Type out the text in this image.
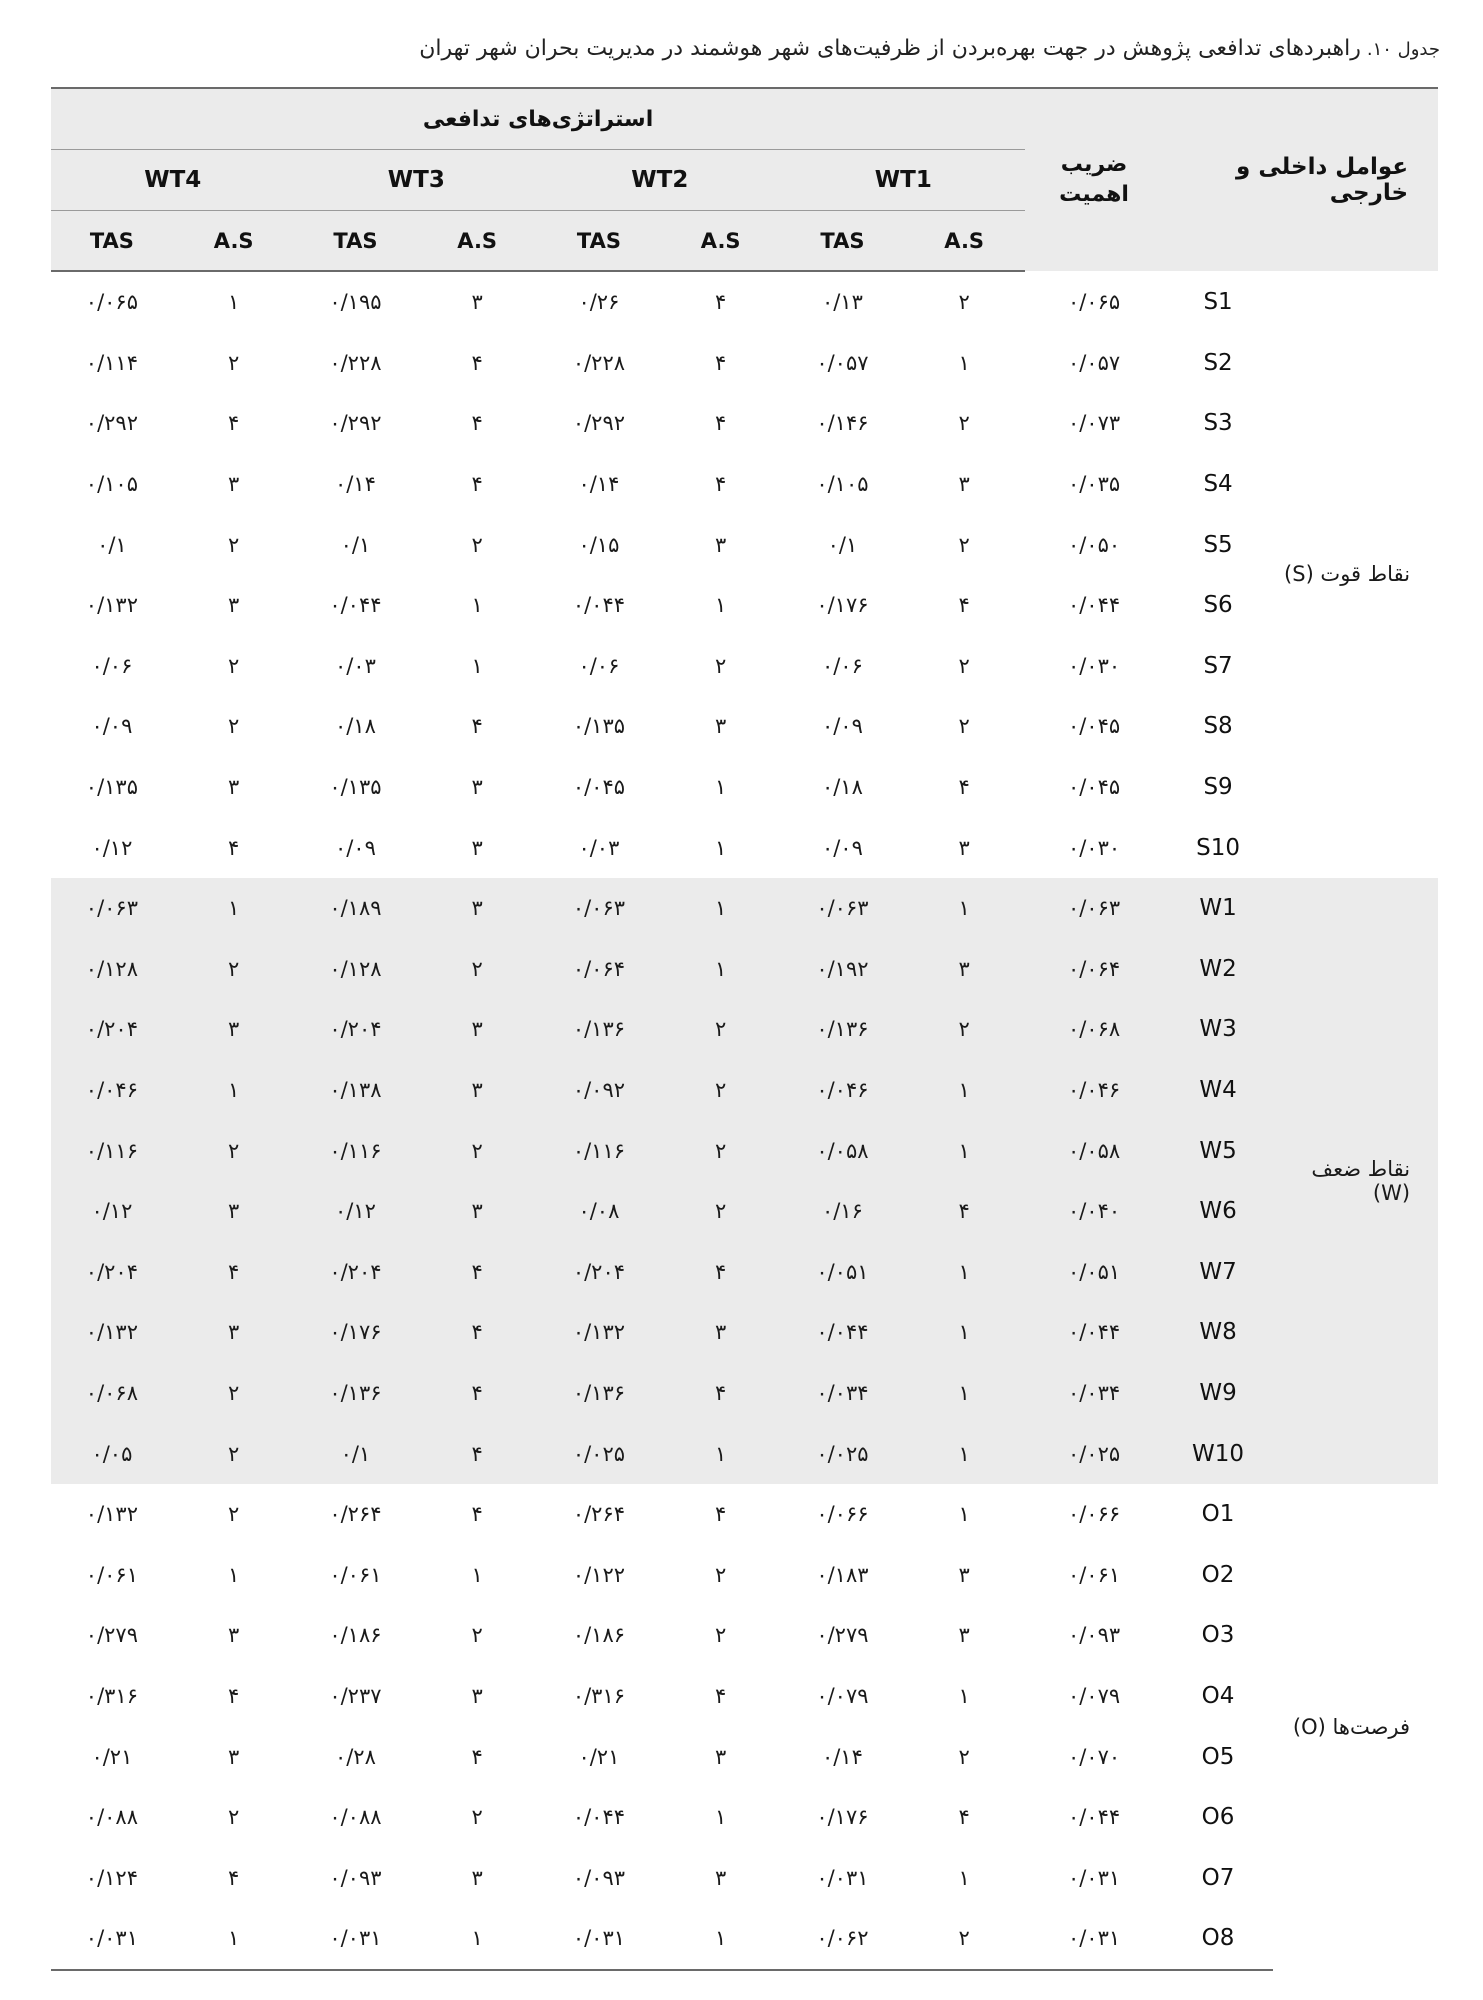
جدول ۱۰.راهبردهای تدافعی پژوهش در جهت بهره‌بردن از ظرفیت‌های شهر هوشمند در مدیریت بحران شهر تهران
عوامل داخلی و خارجی		ضریب
اهمیت	استراتژی‌های تدافعی							
			WT1		WT2		WT3		WT4	
			A.S	TAS	A.S	TAS	A.S	TAS	A.S	TAS
نقاط قوت (S)	S1	۰/۰۶۵	۲	۰/۱۳	۴	۰/۲۶	۳	۰/۱۹۵	۱	۰/۰۶۵
	S2	۰/۰۵۷	۱	۰/۰۵۷	۴	۰/۲۲۸	۴	۰/۲۲۸	۲	۰/۱۱۴
	S3	۰/۰۷۳	۲	۰/۱۴۶	۴	۰/۲۹۲	۴	۰/۲۹۲	۴	۰/۲۹۲
	S4	۰/۰۳۵	۳	۰/۱۰۵	۴	۰/۱۴	۴	۰/۱۴	۳	۰/۱۰۵
	S5	۰/۰۵۰	۲	۰/۱	۳	۰/۱۵	۲	۰/۱	۲	۰/۱
	S6	۰/۰۴۴	۴	۰/۱۷۶	۱	۰/۰۴۴	۱	۰/۰۴۴	۳	۰/۱۳۲
	S7	۰/۰۳۰	۲	۰/۰۶	۲	۰/۰۶	۱	۰/۰۳	۲	۰/۰۶
	S8	۰/۰۴۵	۲	۰/۰۹	۳	۰/۱۳۵	۴	۰/۱۸	۲	۰/۰۹
	S9	۰/۰۴۵	۴	۰/۱۸	۱	۰/۰۴۵	۳	۰/۱۳۵	۳	۰/۱۳۵
	S10	۰/۰۳۰	۳	۰/۰۹	۱	۰/۰۳	۳	۰/۰۹	۴	۰/۱۲
نقاط ضعف (W)	W1	۰/۰۶۳	۱	۰/۰۶۳	۱	۰/۰۶۳	۳	۰/۱۸۹	۱	۰/۰۶۳
	W2	۰/۰۶۴	۳	۰/۱۹۲	۱	۰/۰۶۴	۲	۰/۱۲۸	۲	۰/۱۲۸
	W3	۰/۰۶۸	۲	۰/۱۳۶	۲	۰/۱۳۶	۳	۰/۲۰۴	۳	۰/۲۰۴
	W4	۰/۰۴۶	۱	۰/۰۴۶	۲	۰/۰۹۲	۳	۰/۱۳۸	۱	۰/۰۴۶
	W5	۰/۰۵۸	۱	۰/۰۵۸	۲	۰/۱۱۶	۲	۰/۱۱۶	۲	۰/۱۱۶
	W6	۰/۰۴۰	۴	۰/۱۶	۲	۰/۰۸	۳	۰/۱۲	۳	۰/۱۲
	W7	۰/۰۵۱	۱	۰/۰۵۱	۴	۰/۲۰۴	۴	۰/۲۰۴	۴	۰/۲۰۴
	W8	۰/۰۴۴	۱	۰/۰۴۴	۳	۰/۱۳۲	۴	۰/۱۷۶	۳	۰/۱۳۲
	W9	۰/۰۳۴	۱	۰/۰۳۴	۴	۰/۱۳۶	۴	۰/۱۳۶	۲	۰/۰۶۸
	W10	۰/۰۲۵	۱	۰/۰۲۵	۱	۰/۰۲۵	۴	۰/۱	۲	۰/۰۵
فرصت‌ها (O)	O1	۰/۰۶۶	۱	۰/۰۶۶	۴	۰/۲۶۴	۴	۰/۲۶۴	۲	۰/۱۳۲
	O2	۰/۰۶۱	۳	۰/۱۸۳	۲	۰/۱۲۲	۱	۰/۰۶۱	۱	۰/۰۶۱
	O3	۰/۰۹۳	۳	۰/۲۷۹	۲	۰/۱۸۶	۲	۰/۱۸۶	۳	۰/۲۷۹
	O4	۰/۰۷۹	۱	۰/۰۷۹	۴	۰/۳۱۶	۳	۰/۲۳۷	۴	۰/۳۱۶
	O5	۰/۰۷۰	۲	۰/۱۴	۳	۰/۲۱	۴	۰/۲۸	۳	۰/۲۱
	O6	۰/۰۴۴	۴	۰/۱۷۶	۱	۰/۰۴۴	۲	۰/۰۸۸	۲	۰/۰۸۸
	O7	۰/۰۳۱	۱	۰/۰۳۱	۳	۰/۰۹۳	۳	۰/۰۹۳	۴	۰/۱۲۴
	O8	۰/۰۳۱	۲	۰/۰۶۲	۱	۰/۰۳۱	۱	۰/۰۳۱	۱	۰/۰۳۱
